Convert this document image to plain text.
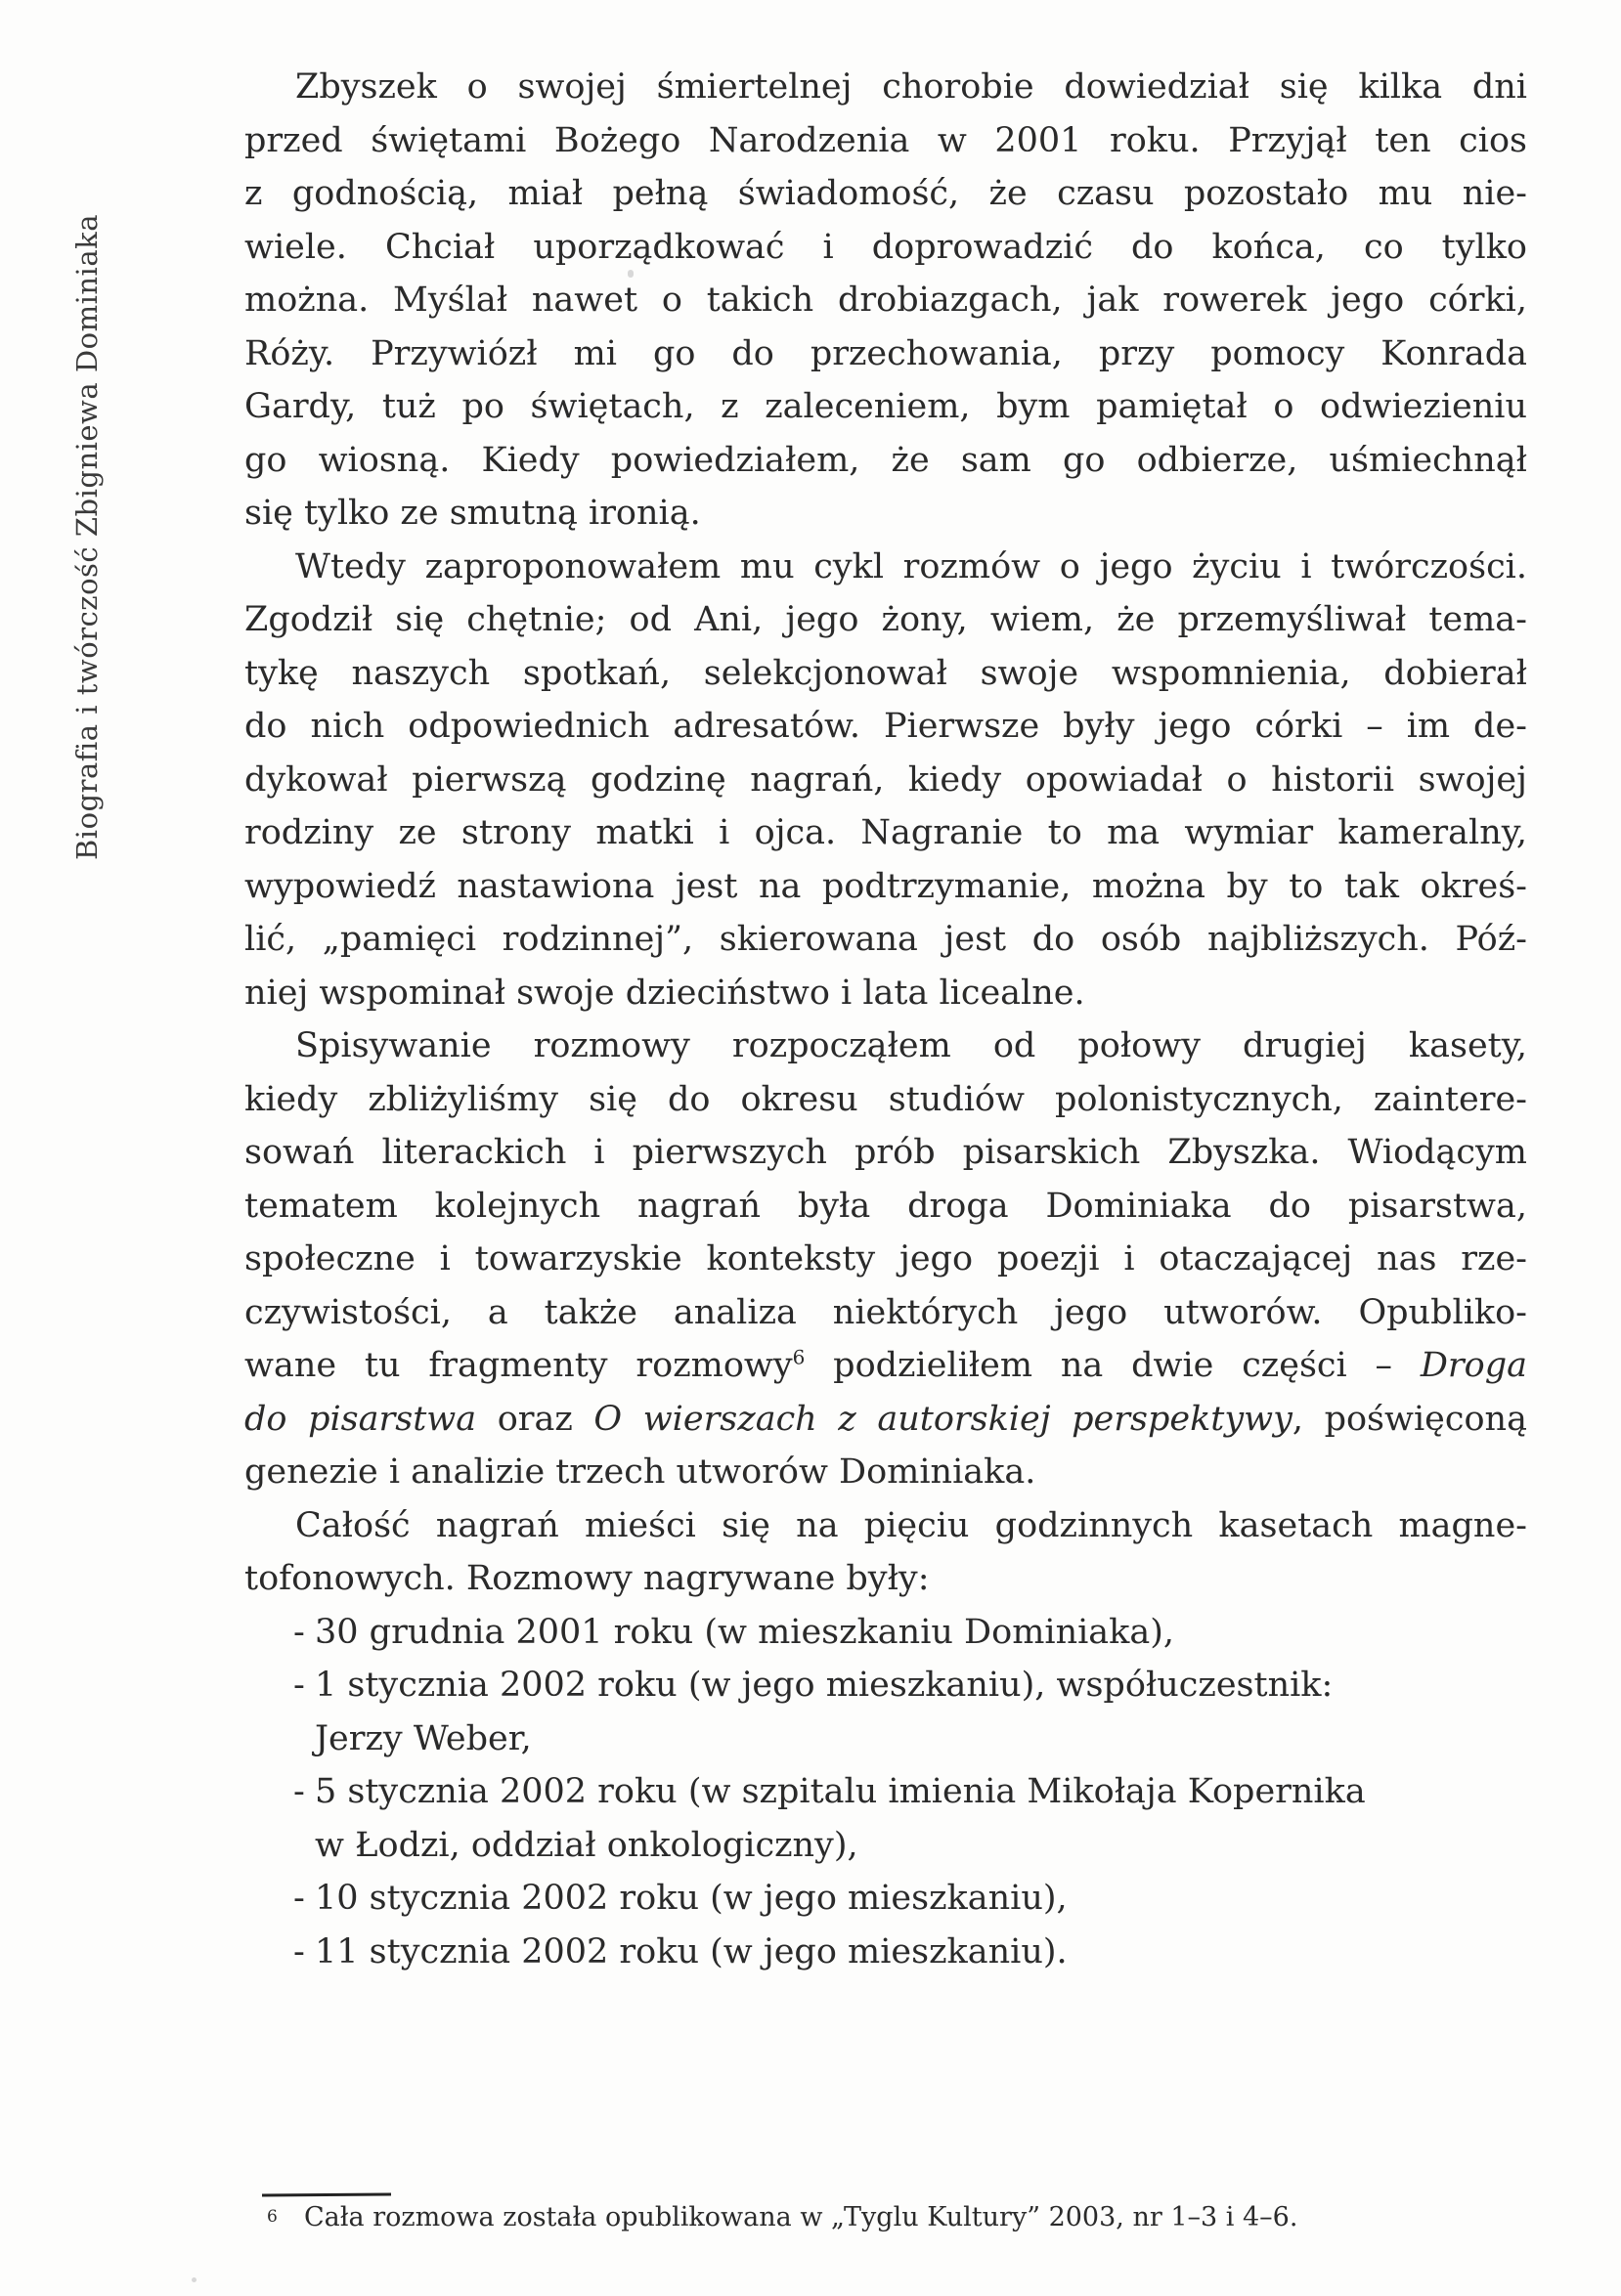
Biografia i twórczość Zbigniewa Dominiaka
Zbyszek o swojej śmiertelnej chorobie dowiedział się kilka dni
przed świętami Bożego Narodzenia w 2001 roku. Przyjął ten cios
z godnością, miał pełną świadomość, że czasu pozostało mu nie-
wiele. Chciał uporządkować i doprowadzić do końca, co tylko
można. Myślał nawet o takich drobiazgach, jak rowerek jego córki,
Róży. Przywiózł mi go do przechowania, przy pomocy Konrada
Gardy, tuż po świętach, z zaleceniem, bym pamiętał o odwiezieniu
go wiosną. Kiedy powiedziałem, że sam go odbierze, uśmiechnął
się tylko ze smutną ironią.
Wtedy zaproponowałem mu cykl rozmów o jego życiu i twórczości.
Zgodził się chętnie; od Ani, jego żony, wiem, że przemyśliwał tema-
tykę naszych spotkań, selekcjonował swoje wspomnienia, dobierał
do nich odpowiednich adresatów. Pierwsze były jego córki – im de-
dykował pierwszą godzinę nagrań, kiedy opowiadał o historii swojej
rodziny ze strony matki i ojca. Nagranie to ma wymiar kameralny,
wypowiedź nastawiona jest na podtrzymanie, można by to tak okreś-
lić, „pamięci rodzinnej”, skierowana jest do osób najbliższych. Póź-
niej wspominał swoje dzieciństwo i lata licealne.
Spisywanie rozmowy rozpocząłem od połowy drugiej kasety,
kiedy zbliżyliśmy się do okresu studiów polonistycznych, zaintere-
sowań literackich i pierwszych prób pisarskich Zbyszka. Wiodącym
tematem kolejnych nagrań była droga Dominiaka do pisarstwa,
społeczne i towarzyskie konteksty jego poezji i otaczającej nas rze-
czywistości, a także analiza niektórych jego utworów. Opubliko-
wane tu fragmenty rozmowy$^6$ podzieliłem na dwie części – Droga
do pisarstwa oraz O wierszach z autorskiej perspektywy, poświęconą
genezie i analizie trzech utworów Dominiaka.
Całość nagrań mieści się na pięciu godzinnych kasetach magne-
tofonowych. Rozmowy nagrywane były:
- 30 grudnia 2001 roku (w mieszkaniu Dominiaka),
- 1 stycznia 2002 roku (w jego mieszkaniu), współuczestnik:
Jerzy Weber,
- 5 stycznia 2002 roku (w szpitalu imienia Mikołaja Kopernika
w Łodzi, oddział onkologiczny),
- 10 stycznia 2002 roku (w jego mieszkaniu),
- 11 stycznia 2002 roku (w jego mieszkaniu).
6 Cała rozmowa została opublikowana w „Tyglu Kultury” 2003, nr 1–3 i 4–6.
